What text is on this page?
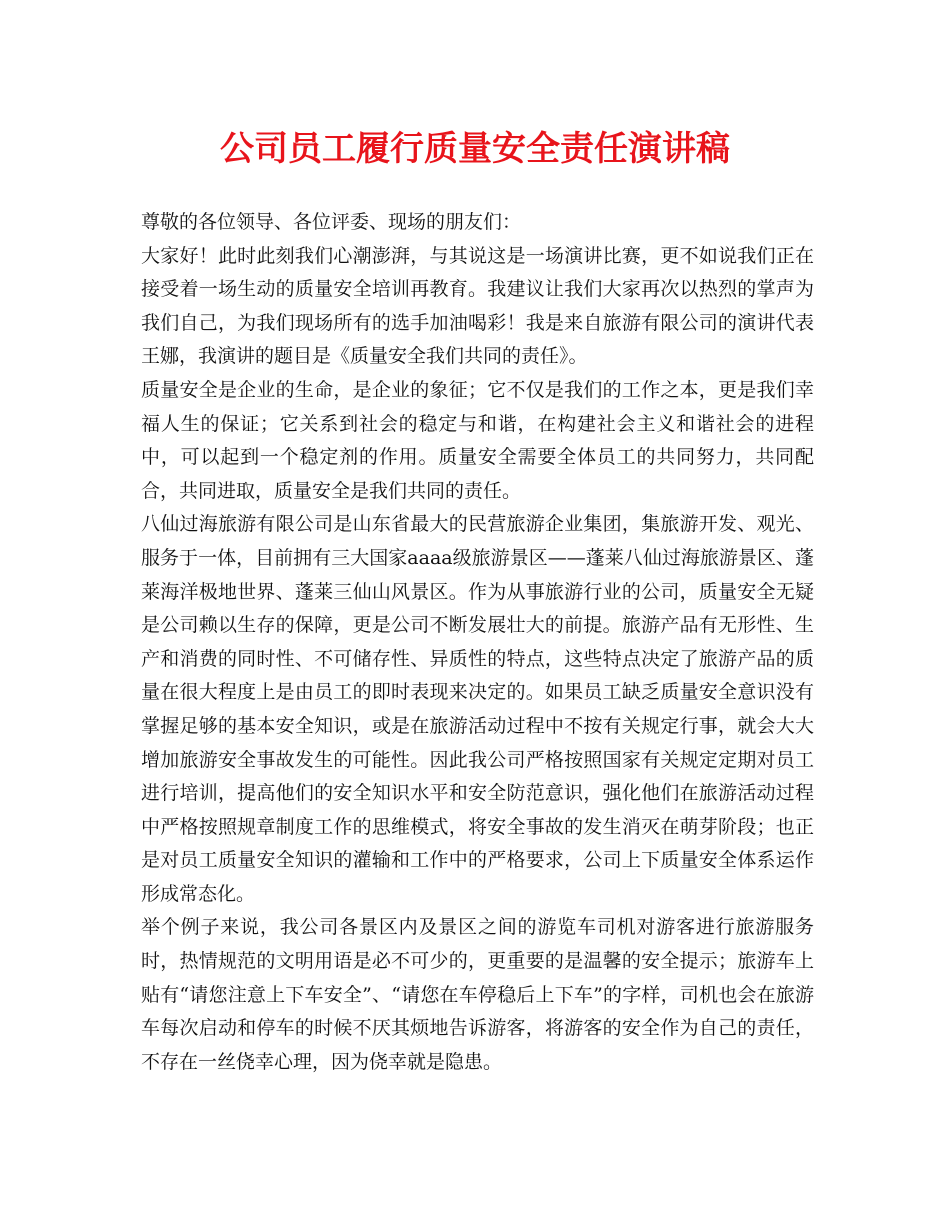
公司员工履行质量安全责任演讲稿

尊敬的各位领导、各位评委、现场的朋友们：

大家好！此时此刻我们心潮澎湃，与其说这是一场演讲比赛，更不如说我们正在接受着一场生动的质量安全培训再教育。我建议让我们大家再次以热烈的掌声为我们自己，为我们现场所有的选手加油喝彩！我是来自旅游有限公司的演讲代表王娜，我演讲的题目是《质量安全我们共同的责任》。

质量安全是企业的生命，是企业的象征；它不仅是我们的工作之本，更是我们幸福人生的保证；它关系到社会的稳定与和谐，在构建社会主义和谐社会的进程中，可以起到一个稳定剂的作用。质量安全需要全体员工的共同努力，共同配合，共同进取，质量安全是我们共同的责任。

八仙过海旅游有限公司是山东省最大的民营旅游企业集团，集旅游开发、观光、服务于一体，目前拥有三大国家aaaa级旅游景区——蓬莱八仙过海旅游景区、蓬莱海洋极地世界、蓬莱三仙山风景区。作为从事旅游行业的公司，质量安全无疑是公司赖以生存的保障，更是公司不断发展壮大的前提。旅游产品有无形性、生产和消费的同时性、不可储存性、异质性的特点，这些特点决定了旅游产品的质量在很大程度上是由员工的即时表现来决定的。如果员工缺乏质量安全意识没有掌握足够的基本安全知识，或是在旅游活动过程中不按有关规定行事，就会大大增加旅游安全事故发生的可能性。因此我公司严格按照国家有关规定定期对员工进行培训，提高他们的安全知识水平和安全防范意识，强化他们在旅游活动过程中严格按照规章制度工作的思维模式，将安全事故的发生消灭在萌芽阶段；也正是对员工质量安全知识的灌输和工作中的严格要求，公司上下质量安全体系运作形成常态化。

举个例子来说，我公司各景区内及景区之间的游览车司机对游客进行旅游服务时，热情规范的文明用语是必不可少的，更重要的是温馨的安全提示；旅游车上贴有“请您注意上下车安全”、“请您在车停稳后上下车”的字样，司机也会在旅游车每次启动和停车的时候不厌其烦地告诉游客，将游客的安全作为自己的责任，不存在一丝侥幸心理，因为侥幸就是隐患。
